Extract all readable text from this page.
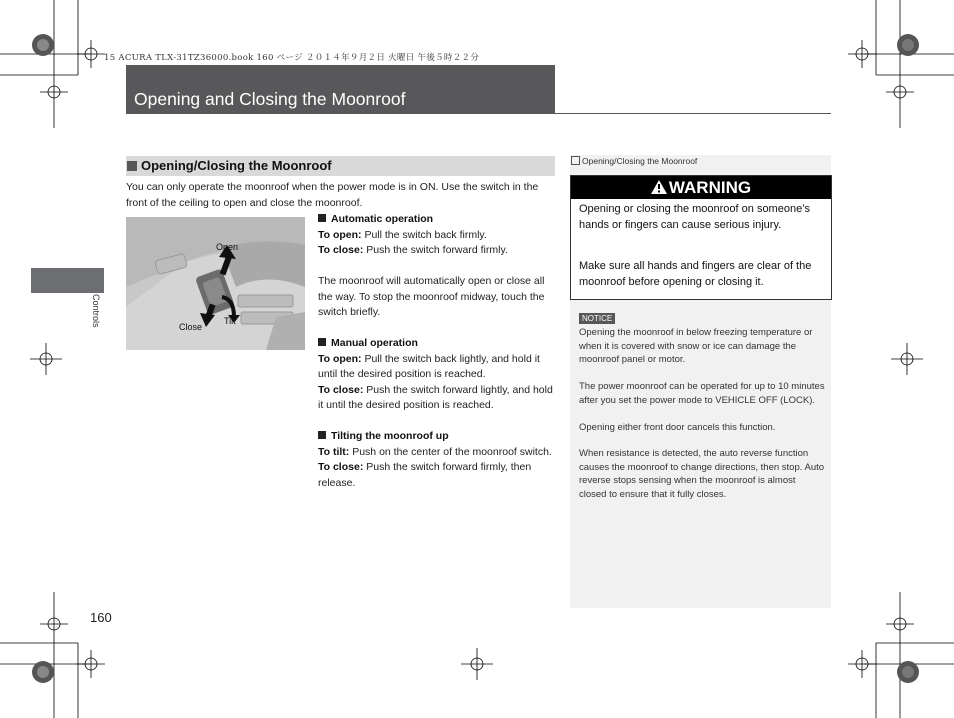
15 ACURA TLX-31TZ36000.book 160 ページ ２０１４年９月２日 火曜日 午後５時２２分
Opening and Closing the Moonroof
Controls
Opening/Closing the Moonroof
You can only operate the moonroof when the power mode is in ON. Use the switch in the front of the ceiling to open and close the moonroof.
Open
Close
Tilt
Automatic operation
To open: Pull the switch back firmly.
To close: Push the switch forward firmly.
The moonroof will automatically open or close all the way. To stop the moonroof midway, touch the switch briefly.
Manual operation
To open: Pull the switch back lightly, and hold it until the desired position is reached.
To close: Push the switch forward lightly, and hold it until the desired position is reached.
Tilting the moonroof up
To tilt: Push on the center of the moonroof switch.
To close: Push the switch forward firmly, then release.
Opening/Closing the Moonroof
WARNING
Opening or closing the moonroof on someone’s hands or fingers can cause serious injury.
Make sure all hands and fingers are clear of the moonroof before opening or closing it.
NOTICE
Opening the moonroof in below freezing temperature or when it is covered with snow or ice can damage the moonroof panel or motor.
The power moonroof can be operated for up to 10 minutes after you set the power mode to VEHICLE OFF (LOCK).
Opening either front door cancels this function.
When resistance is detected, the auto reverse function causes the moonroof to change directions, then stop. Auto reverse stops sensing when the moonroof is almost closed to ensure that it fully closes.
160
